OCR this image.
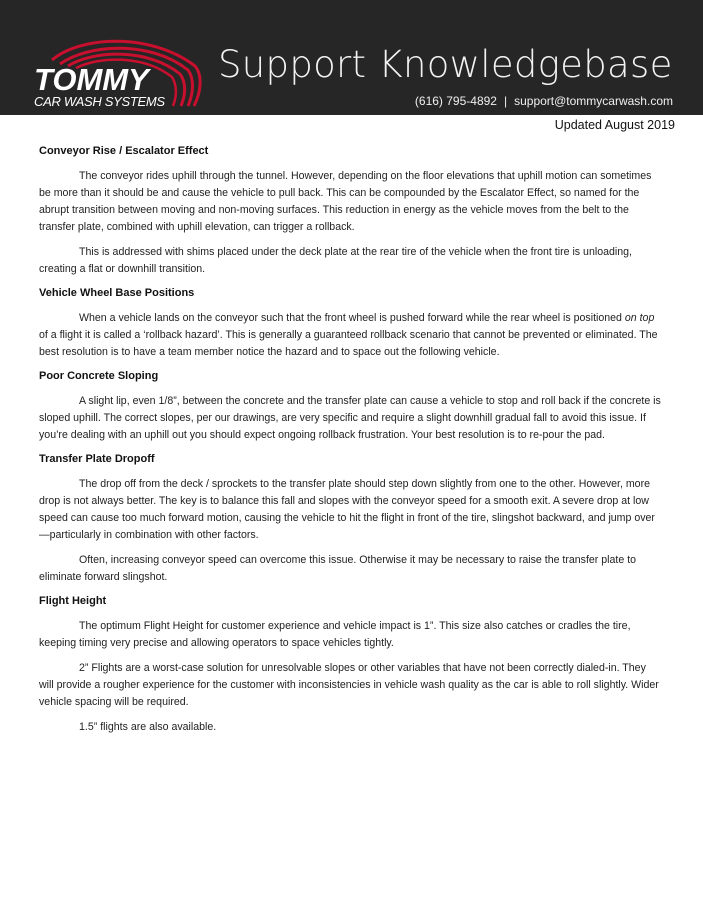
TOMMY
CAR WASH SYSTEMS
Support Knowledgebase
(616) 795-4892 | support@tommycarwash.com
Updated August 2019
Conveyor Rise / Escalator Effect

The conveyor rides uphill through the tunnel. However, depending on the floor elevations that uphill motion can sometimes be more than it should be and cause the vehicle to pull back. This can be compounded by the Escalator Effect, so named for the abrupt transition between moving and non-moving surfaces. This reduction in energy as the vehicle moves from the belt to the transfer plate, combined with uphill elevation, can trigger a rollback.

This is addressed with shims placed under the deck plate at the rear tire of the vehicle when the front tire is unloading, creating a flat or downhill transition.

Vehicle Wheel Base Positions

When a vehicle lands on the conveyor such that the front wheel is pushed forward while the rear wheel is positioned on top of a flight it is called a ‘rollback hazard’. This is generally a guaranteed rollback scenario that cannot be prevented or eliminated. The best resolution is to have a team member notice the hazard and to space out the following vehicle.

Poor Concrete Sloping

A slight lip, even 1/8”, between the concrete and the transfer plate can cause a vehicle to stop and roll back if the concrete is sloped uphill. The correct slopes, per our drawings, are very specific and require a slight downhill gradual fall to avoid this issue. If you’re dealing with an uphill out you should expect ongoing rollback frustration. Your best resolution is to re-pour the pad.

Transfer Plate Dropoff

The drop off from the deck / sprockets to the transfer plate should step down slightly from one to the other. However, more drop is not always better. The key is to balance this fall and slopes with the conveyor speed for a smooth exit. A severe drop at low speed can cause too much forward motion, causing the vehicle to hit the flight in front of the tire, slingshot backward, and jump over—particularly in combination with other factors.

Often, increasing conveyor speed can overcome this issue. Otherwise it may be necessary to raise the transfer plate to eliminate forward slingshot.

Flight Height

The optimum Flight Height for customer experience and vehicle impact is 1”. This size also catches or cradles the tire, keeping timing very precise and allowing operators to space vehicles tightly.

2” Flights are a worst-case solution for unresolvable slopes or other variables that have not been correctly dialed-in. They will provide a rougher experience for the customer with inconsistencies in vehicle wash quality as the car is able to roll slightly. Wider vehicle spacing will be required.

1.5” flights are also available.
